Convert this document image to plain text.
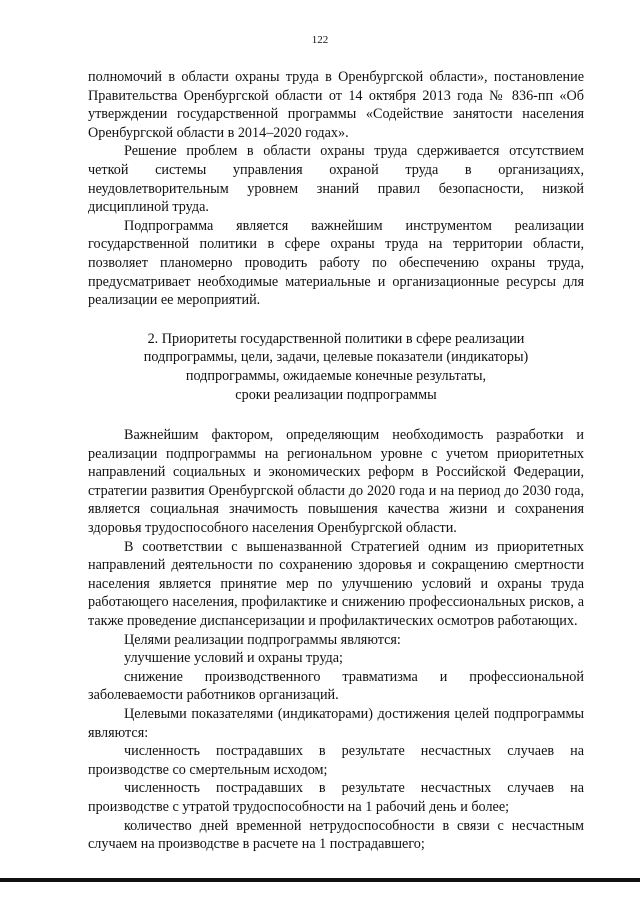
122

полномочий в области охраны труда в Оренбургской области», постановление Правительства Оренбургской области от 14 октября 2013 года № 836-пп «Об утверждении государственной программы «Содействие занятости населения Оренбургской области в 2014–2020 годах».

Решение проблем в области охраны труда сдерживается отсутствием четкой системы управления охраной труда в организациях, неудовлетворительным уровнем знаний правил безопасности, низкой дисциплиной труда.

Подпрограмма является важнейшим инструментом реализации государственной политики в сфере охраны труда на территории области, позволяет планомерно проводить работу по обеспечению охраны труда, предусматривает необходимые материальные и организационные ресурсы для реализации ее мероприятий.

2. Приоритеты государственной политики в сфере реализации
подпрограммы, цели, задачи, целевые показатели (индикаторы)
подпрограммы, ожидаемые конечные результаты,
сроки реализации подпрограммы

Важнейшим фактором, определяющим необходимость разработки и реализации подпрограммы на региональном уровне с учетом приоритетных направлений социальных и экономических реформ в Российской Федерации, стратегии развития Оренбургской области до 2020 года и на период до 2030 года, является социальная значимость повышения качества жизни и сохранения здоровья трудоспособного населения Оренбургской области.

В соответствии с вышеназванной Стратегией одним из приоритетных направлений деятельности по сохранению здоровья и сокращению смертности населения является принятие мер по улучшению условий и охраны труда работающего населения, профилактике и снижению профессиональных рисков, а также проведение диспансеризации и профилактических осмотров работающих.

Целями реализации подпрограммы являются:

улучшение условий и охраны труда;

снижение производственного травматизма и профессиональной заболеваемости работников организаций.

Целевыми показателями (индикаторами) достижения целей подпрограммы являются:

численность пострадавших в результате несчастных случаев на производстве со смертельным исходом;

численность пострадавших в результате несчастных случаев на производстве с утратой трудоспособности на 1 рабочий день и более;

количество дней временной нетрудоспособности в связи с несчастным случаем на производстве в расчете на 1 пострадавшего;
